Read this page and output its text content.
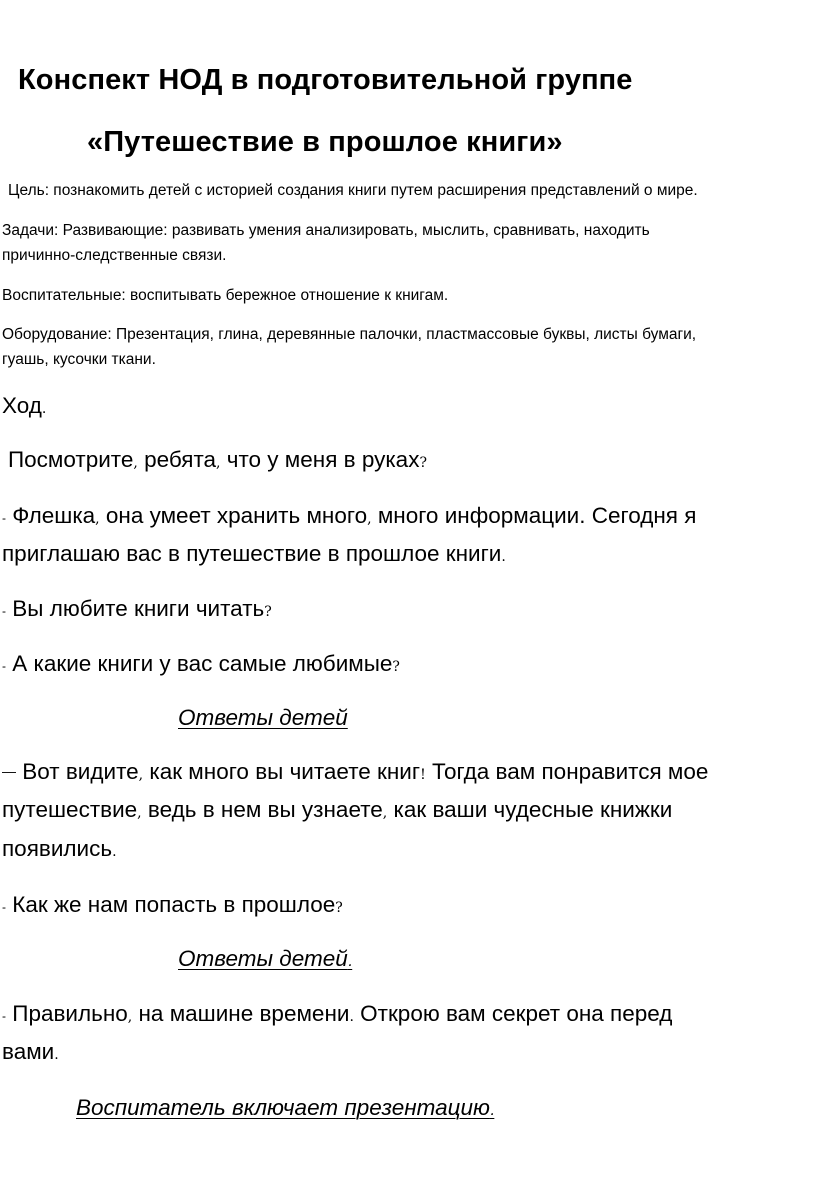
Конспект НОД в подготовительной группе
«Путешествие в прошлое книги»
Цель: познакомить детей с историей создания книги путем расширения представлений о мире.
Задачи: Развивающие: развивать умения анализировать, мыслить, сравнивать, находить
причинно-следственные связи.
Воспитательные: воспитывать бережное отношение к книгам.
Оборудование: Презентация, глина, деревянные палочки, пластмассовые буквы, листы бумаги,
гуашь, кусочки ткани.
Ход.
Посмотрите, ребята, что у меня в руках?
- Флешка, она умеет хранить много, много информации. Сегодня я
приглашаю вас в путешествие в прошлое книги.
- Вы любите книги читать?
- А какие книги у вас самые любимые?
Ответы детей
— Вот видите, как много вы читаете книг! Тогда вам понравится мое
путешествие, ведь в нем вы узнаете, как ваши чудесные книжки
появились.
- Как же нам попасть в прошлое?
Ответы детей.
- Правильно, на машине времени. Открою вам секрет она перед
вами.
Воспитатель включает презентацию.
